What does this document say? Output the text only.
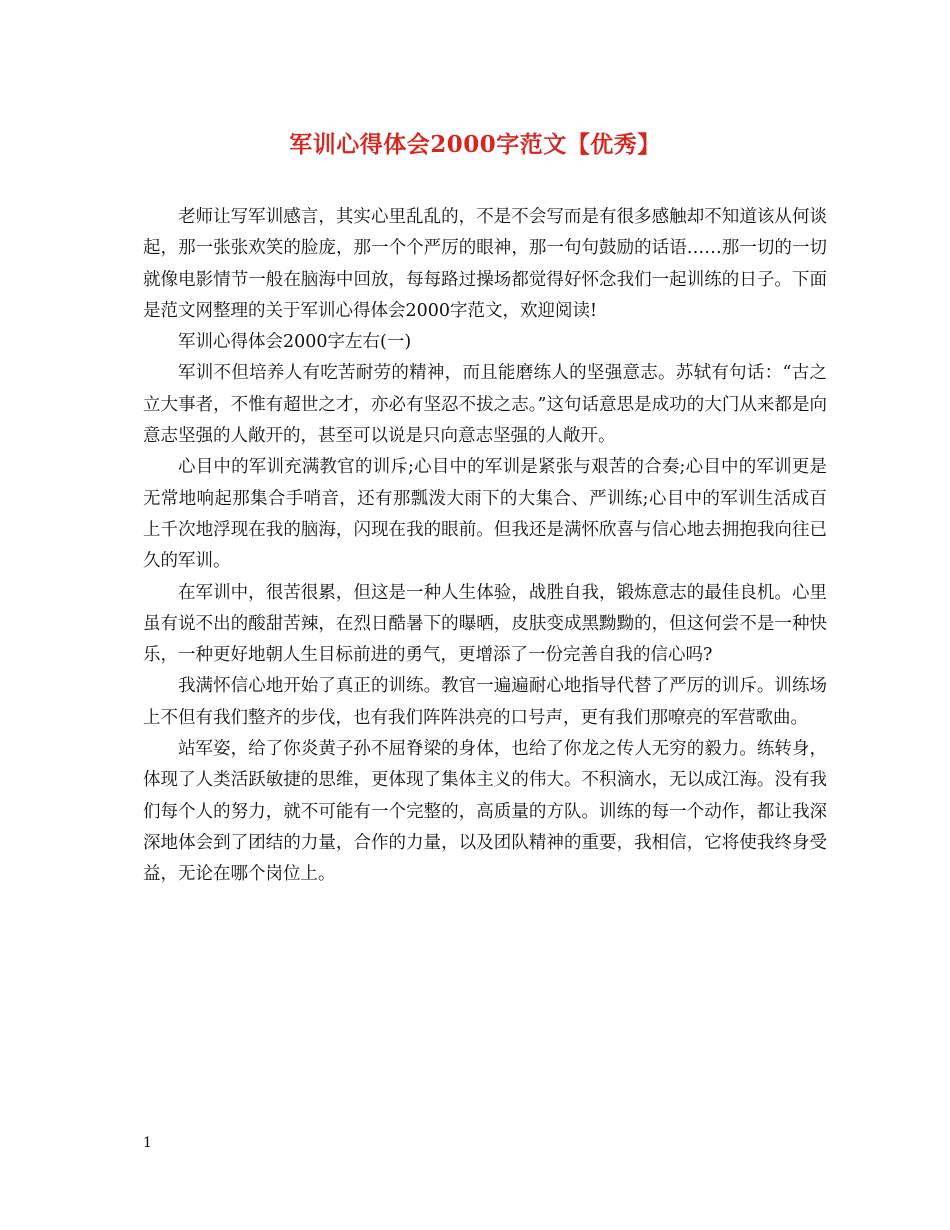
军训心得体会2000字范文【优秀】

老师让写军训感言，其实心里乱乱的，不是不会写而是有很多感触却不知道该从何谈起，那一张张欢笑的脸庞，那一个个严厉的眼神，那一句句鼓励的话语……那一切的一切就像电影情节一般在脑海中回放，每每路过操场都觉得好怀念我们一起训练的日子。下面是范文网整理的关于军训心得体会2000字范文，欢迎阅读!

军训心得体会2000字左右(一)

军训不但培养人有吃苦耐劳的精神，而且能磨练人的坚强意志。苏轼有句话：“古之立大事者，不惟有超世之才，亦必有坚忍不拔之志。”这句话意思是成功的大门从来都是向意志坚强的人敞开的，甚至可以说是只向意志坚强的人敞开。

心目中的军训充满教官的训斥;心目中的军训是紧张与艰苦的合奏;心目中的军训更是无常地响起那集合手哨音，还有那瓢泼大雨下的大集合、严训练;心目中的军训生活成百上千次地浮现在我的脑海，闪现在我的眼前。但我还是满怀欣喜与信心地去拥抱我向往已久的军训。

在军训中，很苦很累，但这是一种人生体验，战胜自我，锻炼意志的最佳良机。心里虽有说不出的酸甜苦辣，在烈日酷暑下的曝晒，皮肤变成黑黝黝的，但这何尝不是一种快乐，一种更好地朝人生目标前进的勇气，更增添了一份完善自我的信心吗?

我满怀信心地开始了真正的训练。教官一遍遍耐心地指导代替了严厉的训斥。训练场上不但有我们整齐的步伐，也有我们阵阵洪亮的口号声，更有我们那嘹亮的军营歌曲。

站军姿，给了你炎黄子孙不屈脊梁的身体，也给了你龙之传人无穷的毅力。练转身，体现了人类活跃敏捷的思维，更体现了集体主义的伟大。不积滴水，无以成江海。没有我们每个人的努力，就不可能有一个完整的，高质量的方队。训练的每一个动作，都让我深深地体会到了团结的力量，合作的力量，以及团队精神的重要，我相信，它将使我终身受益，无论在哪个岗位上。

1
